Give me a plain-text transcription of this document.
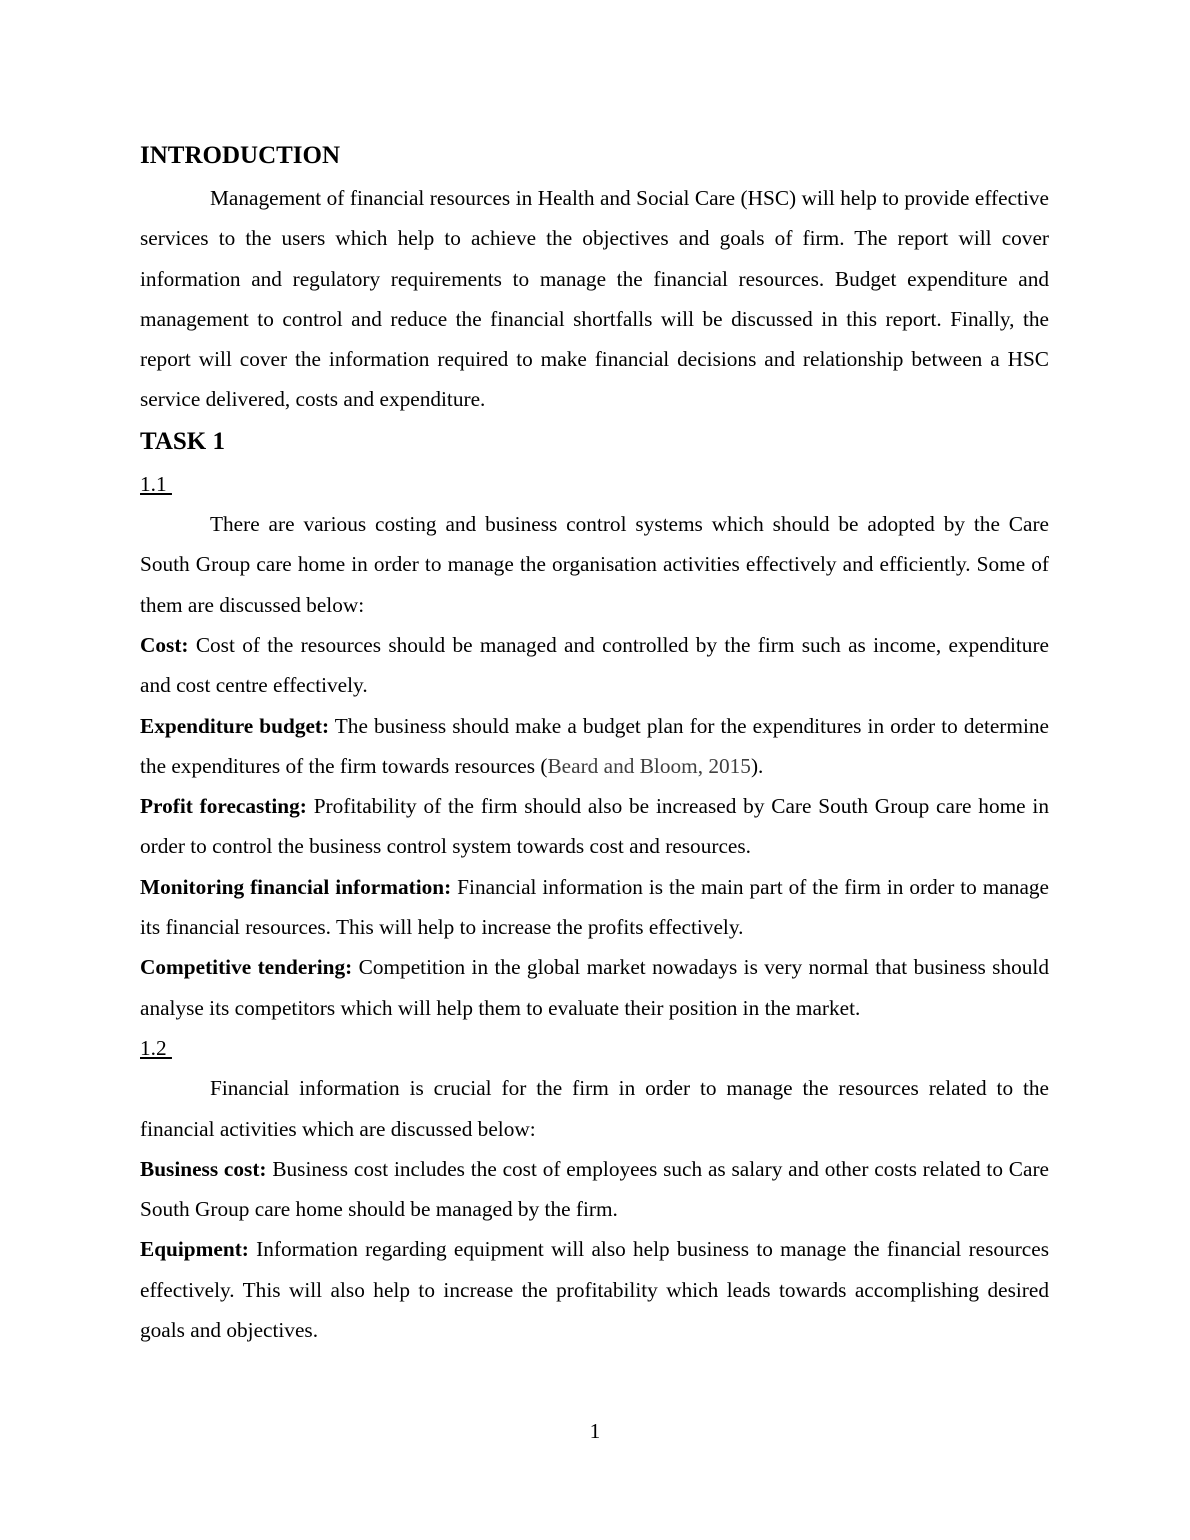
INTRODUCTION

Management of financial resources in Health and Social Care (HSC) will help to provide effective services to the users which help to achieve the objectives and goals of firm. The report will cover information and regulatory requirements to manage the financial resources. Budget expenditure and management to control and reduce the financial shortfalls will be discussed in this report. Finally, the report will cover the information required to make financial decisions and relationship between a HSC service delivered, costs and expenditure.

TASK 1
1.1

There are various costing and business control systems which should be adopted by the Care South Group care home in order to manage the organisation activities effectively and efficiently. Some of them are discussed below:

Cost: Cost of the resources should be managed and controlled by the firm such as income, expenditure and cost centre effectively.

Expenditure budget: The business should make a budget plan for the expenditures in order to determine the expenditures of the firm towards resources (Beard and Bloom, 2015).

Profit forecasting: Profitability of the firm should also be increased by Care South Group care home in order to control the business control system towards cost and resources.

Monitoring financial information: Financial information is the main part of the firm in order to manage its financial resources. This will help to increase the profits effectively.

Competitive tendering: Competition in the global market nowadays is very normal that business should analyse its competitors which will help them to evaluate their position in the market.

1.2

Financial information is crucial for the firm in order to manage the resources related to the financial activities which are discussed below:

Business cost: Business cost includes the cost of employees such as salary and other costs related to Care South Group care home should be managed by the firm.

Equipment: Information regarding equipment will also help business to manage the financial resources effectively. This will also help to increase the profitability which leads towards accomplishing desired goals and objectives.

1
